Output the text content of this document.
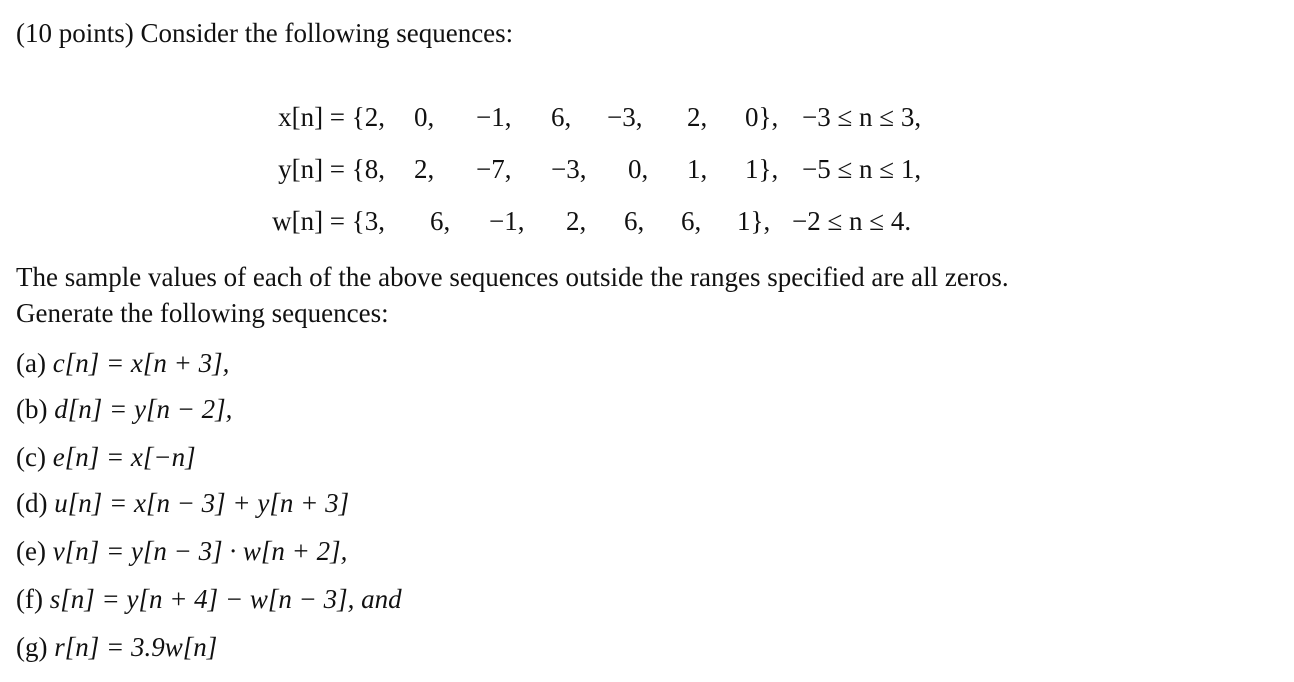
(10 points) Consider the following sequences:
x[n] = {2, 0, −1, 6, −3, 2, 0}, −3 ≤ n ≤ 3,
y[n] = {8, 2, −7, −3, 0, 1, 1}, −5 ≤ n ≤ 1,
w[n] = {3, 6, −1, 2, 6, 6, 1}, −2 ≤ n ≤ 4.
The sample values of each of the above sequences outside the ranges specified are all zeros.
Generate the following sequences:
(a) c[n] = x[n + 3],
(b) d[n] = y[n − 2],
(c) e[n] = x[−n]
(d) u[n] = x[n − 3] + y[n + 3]
(e) v[n] = y[n − 3] · w[n + 2],
(f) s[n] = y[n + 4] − w[n − 3], and
(g) r[n] = 3.9w[n]
